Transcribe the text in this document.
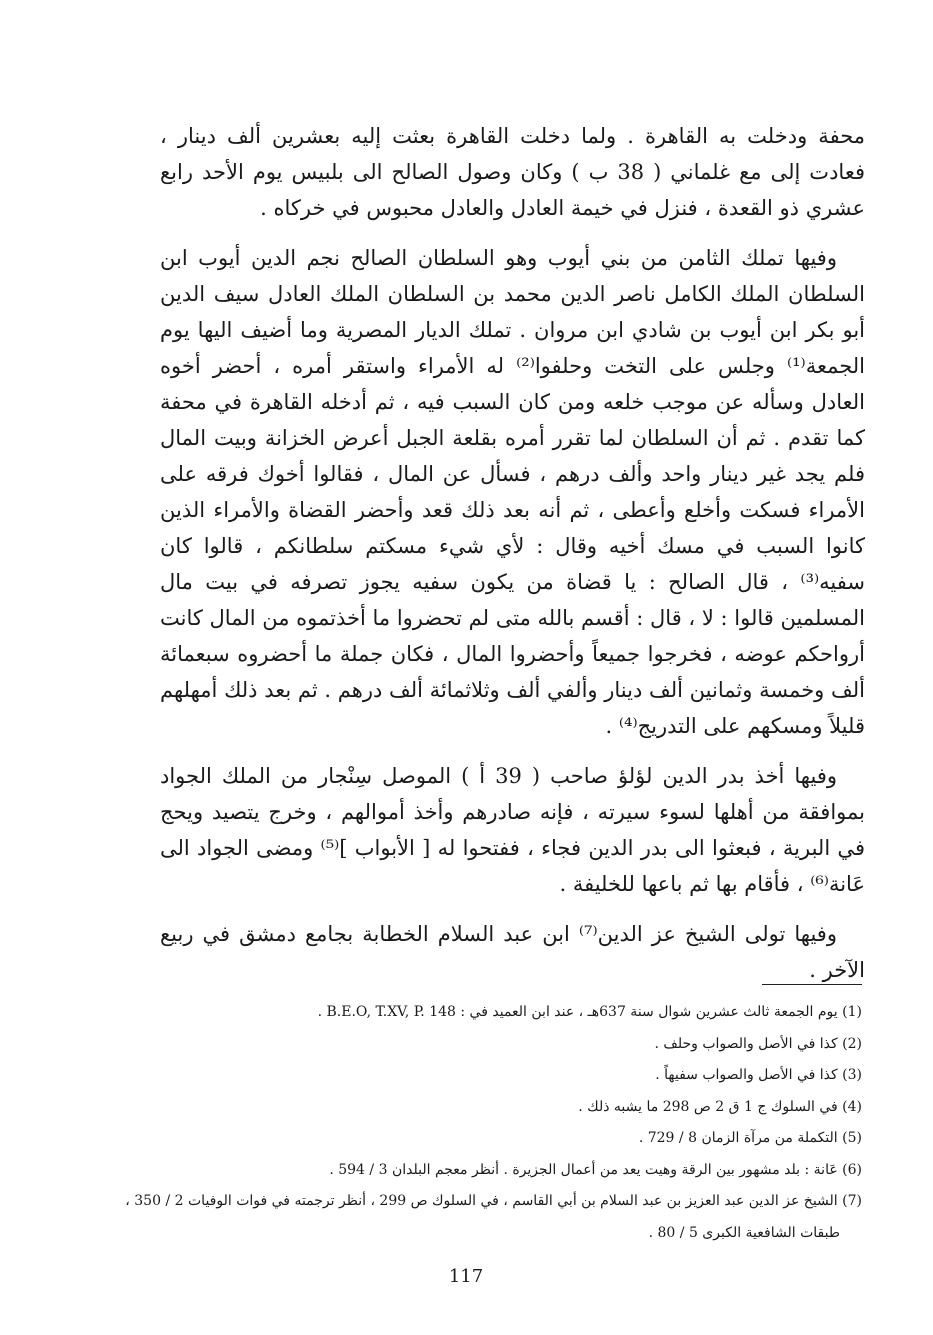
محفة ودخلت به القاهرة . ولما دخلت القاهرة بعثت إليه بعشرين ألف دينار ، فعادت إلى مع غلماني ( 38 ب ) وكان وصول الصالح الى بلبيس يوم الأحد رابع عشري ذو القعدة ، فنزل في خيمة العادل والعادل محبوس في خركاه .

وفيها تملك الثامن من بني أيوب وهو السلطان الصالح نجم الدين أيوب ابن السلطان الملك الكامل ناصر الدين محمد بن السلطان الملك العادل سيف الدين أبو بكر ابن أيوب بن شادي ابن مروان . تملك الديار المصرية وما أضيف اليها يوم الجمعة⁽¹⁾ وجلس على التخت وحلفوا⁽²⁾ له الأمراء واستقر أمره ، أحضر أخوه العادل وسأله عن موجب خلعه ومن كان السبب فيه ، ثم أدخله القاهرة في محفة كما تقدم . ثم أن السلطان لما تقرر أمره بقلعة الجبل أعرض الخزانة وبيت المال فلم يجد غير دينار واحد وألف درهم ، فسأل عن المال ، فقالوا أخوك فرقه على الأمراء فسكت وأخلع وأعطى ، ثم أنه بعد ذلك قعد وأحضر القضاة والأمراء الذين كانوا السبب في مسك أخيه وقال : لأي شيء مسكتم سلطانكم ، قالوا كان سفيه⁽³⁾ ، قال الصالح : يا قضاة من يكون سفيه يجوز تصرفه في بيت مال المسلمين قالوا : لا ، قال : أقسم بالله متى لم تحضروا ما أخذتموه من المال كانت أرواحكم عوضه ، فخرجوا جميعاً وأحضروا المال ، فكان جملة ما أحضروه سبعمائة ألف وخمسة وثمانين ألف دينار وألفي ألف وثلاثمائة ألف درهم . ثم بعد ذلك أمهلهم قليلاً ومسكهم على التدريج⁽⁴⁾ .

وفيها أخذ بدر الدين لؤلؤ صاحب ( 39 أ ) الموصل سِنْجار من الملك الجواد بموافقة من أهلها لسوء سيرته ، فإنه صادرهم وأخذ أموالهم ، وخرج يتصيد ويحج في البرية ، فبعثوا الى بدر الدين فجاء ، ففتحوا له [ الأبواب ]⁽⁵⁾ ومضى الجواد الى عَانة⁽⁶⁾ ، فأقام بها ثم باعها للخليفة .

وفيها تولى الشيخ عز الدين⁽⁷⁾ ابن عبد السلام الخطابة بجامع دمشق في ربيع الآخر .

(1) يوم الجمعة ثالث عشرين شوال سنة 637هـ ، عند ابن العميد في : B.E.O, T.XV, P. 148 .
(2) كذا في الأصل والصواب وحلف .
(3) كذا في الأصل والصواب سفيهاً .
(4) في السلوك ج 1 ق 2 ص 298 ما يشبه ذلك .
(5) التكملة من مرآة الزمان 8 / 729 .
(6) عَانة : بلد مشهور بين الرقة وهيت يعد من أعمال الجزيرة . أنظر معجم البلدان 3 / 594 .
(7) الشيخ عز الدين عبد العزيز بن عبد السلام بن أبي القاسم ، في السلوك ص 299 ، أنظر ترجمته في فوات الوفيات 2 / 350 ،
طبقات الشافعية الكبرى 5 / 80 .
117
